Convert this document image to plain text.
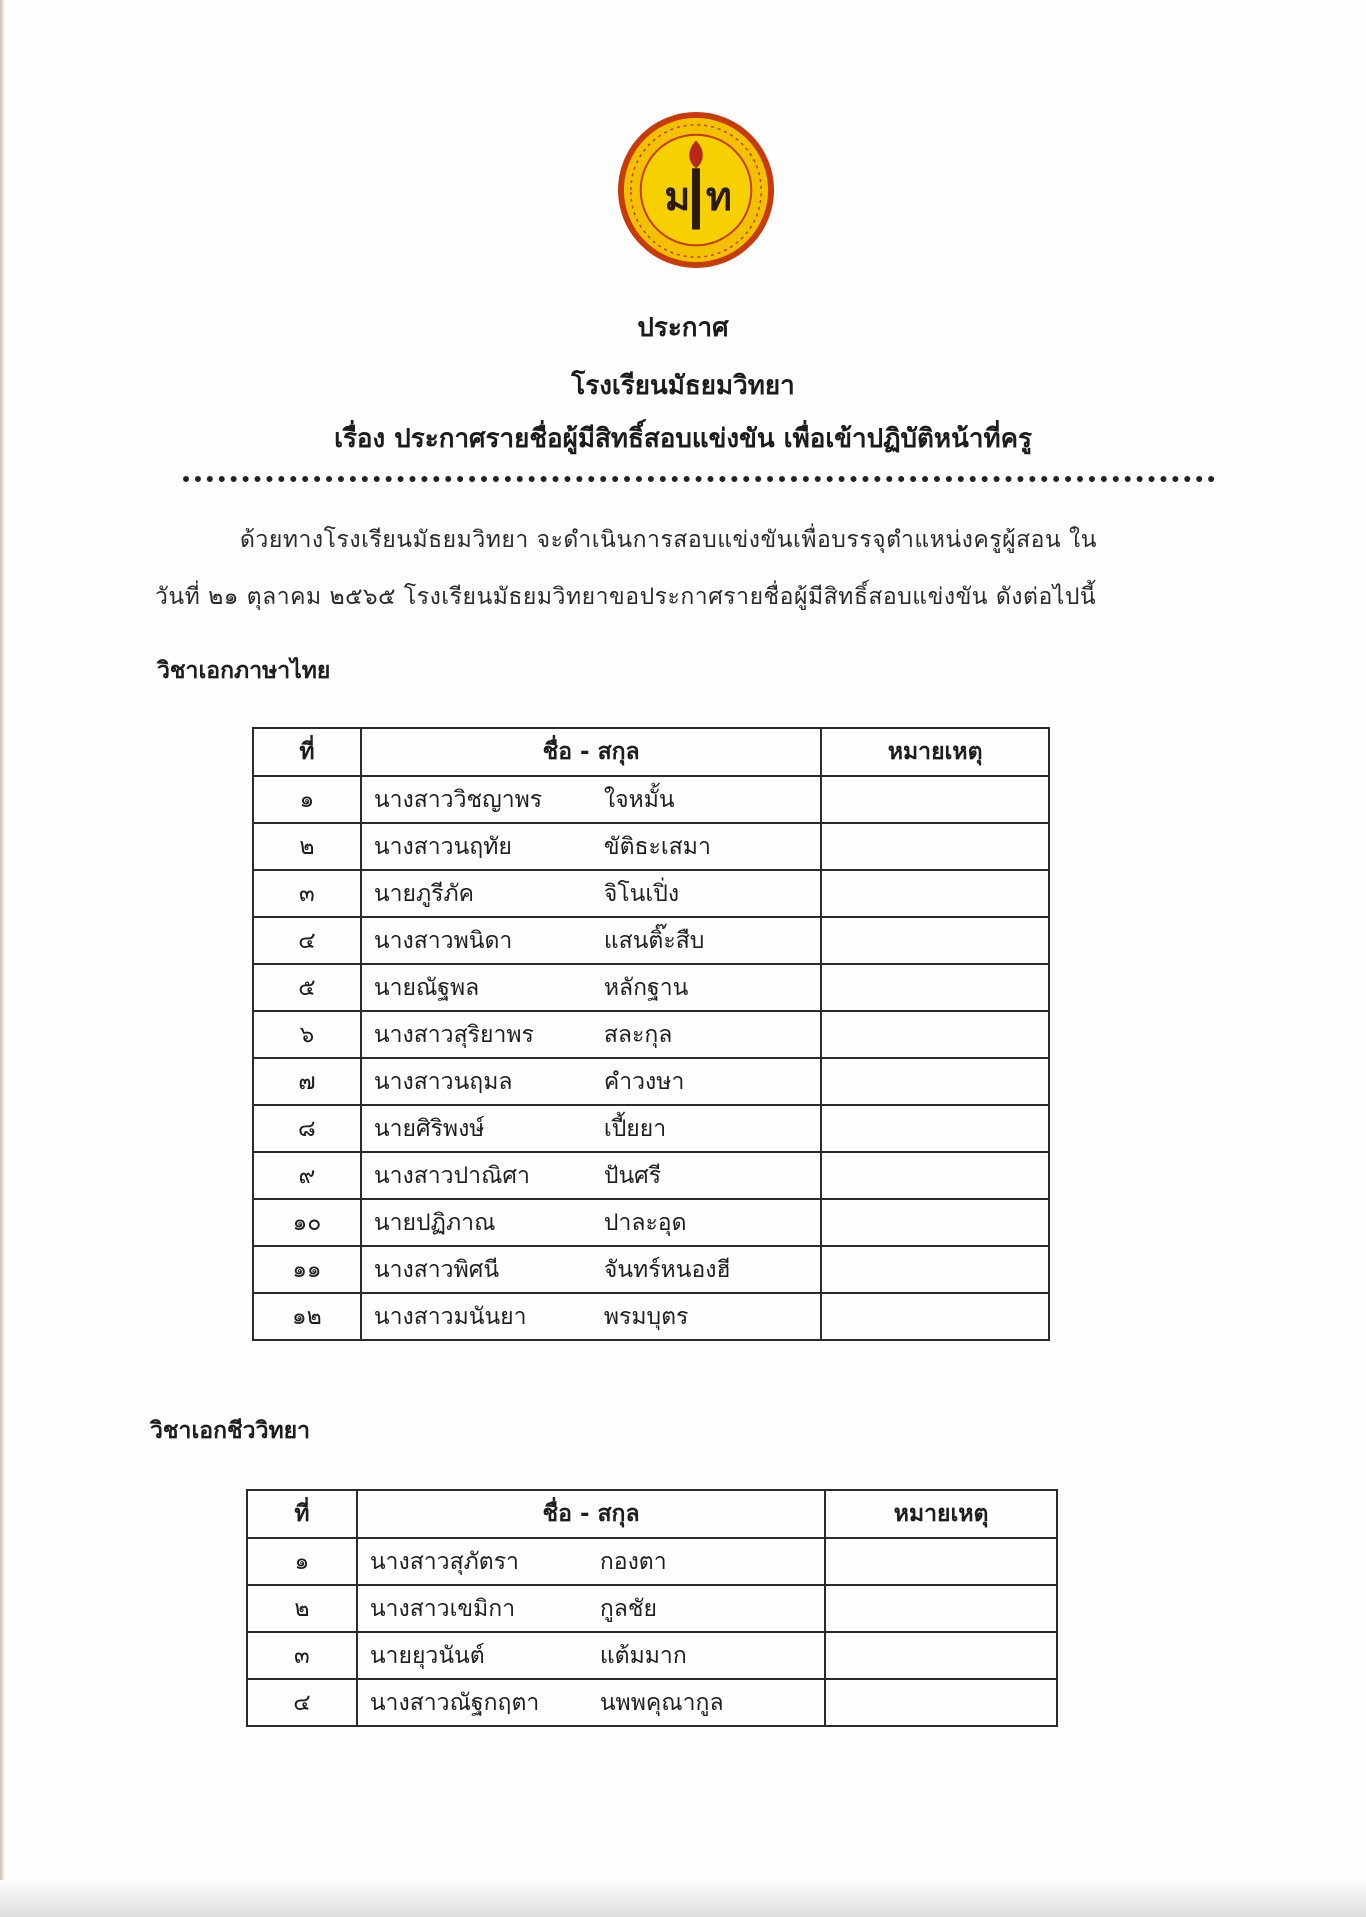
ม ท
ประกาศ
โรงเรียนมัธยมวิทยา
เรื่อง ประกาศรายชื่อผู้มีสิทธิ์สอบแข่งขัน เพื่อเข้าปฏิบัติหน้าที่ครู
ด้วยทางโรงเรียนมัธยมวิทยา จะดำเนินการสอบแข่งขันเพื่อบรรจุตำแหน่งครูผู้สอน ใน
วันที่ ๒๑ ตุลาคม ๒๕๖๕ โรงเรียนมัธยมวิทยาขอประกาศรายชื่อผู้มีสิทธิ์สอบแข่งขัน ดังต่อไปนี้
วิชาเอกภาษาไทย
ที่	ชื่อ - สกุล	หมายเหตุ
๑	นางสาววิชญาพร ใจหมั้น	
๒	นางสาวนฤทัย ขัติธะเสมา	
๓	นายภูรีภัค จิโนเปิ่ง	
๔	นางสาวพนิดา แสนติ๊ะสืบ	
๕	นายณัฐพล หลักฐาน	
๖	นางสาวสุริยาพร สละกุล	
๗	นางสาวนฤมล คำวงษา	
๘	นายศิริพงษ์ เปี้ยยา	
๙	นางสาวปาณิศา ปันศรี	
๑๐	นายปฏิภาณ ปาละอุด	
๑๑	นางสาวพิศนี จันทร์หนองฮี	
๑๒	นางสาวมนันยา พรมบุตร	
วิชาเอกชีววิทยา
ที่	ชื่อ - สกุล	หมายเหตุ
๑	นางสาวสุภัตรา กองตา	
๒	นางสาวเขมิกา กูลชัย	
๓	นายยุวนันต์ แต้มมาก	
๔	นางสาวณัฐกฤตา นพพคุณากูล	
